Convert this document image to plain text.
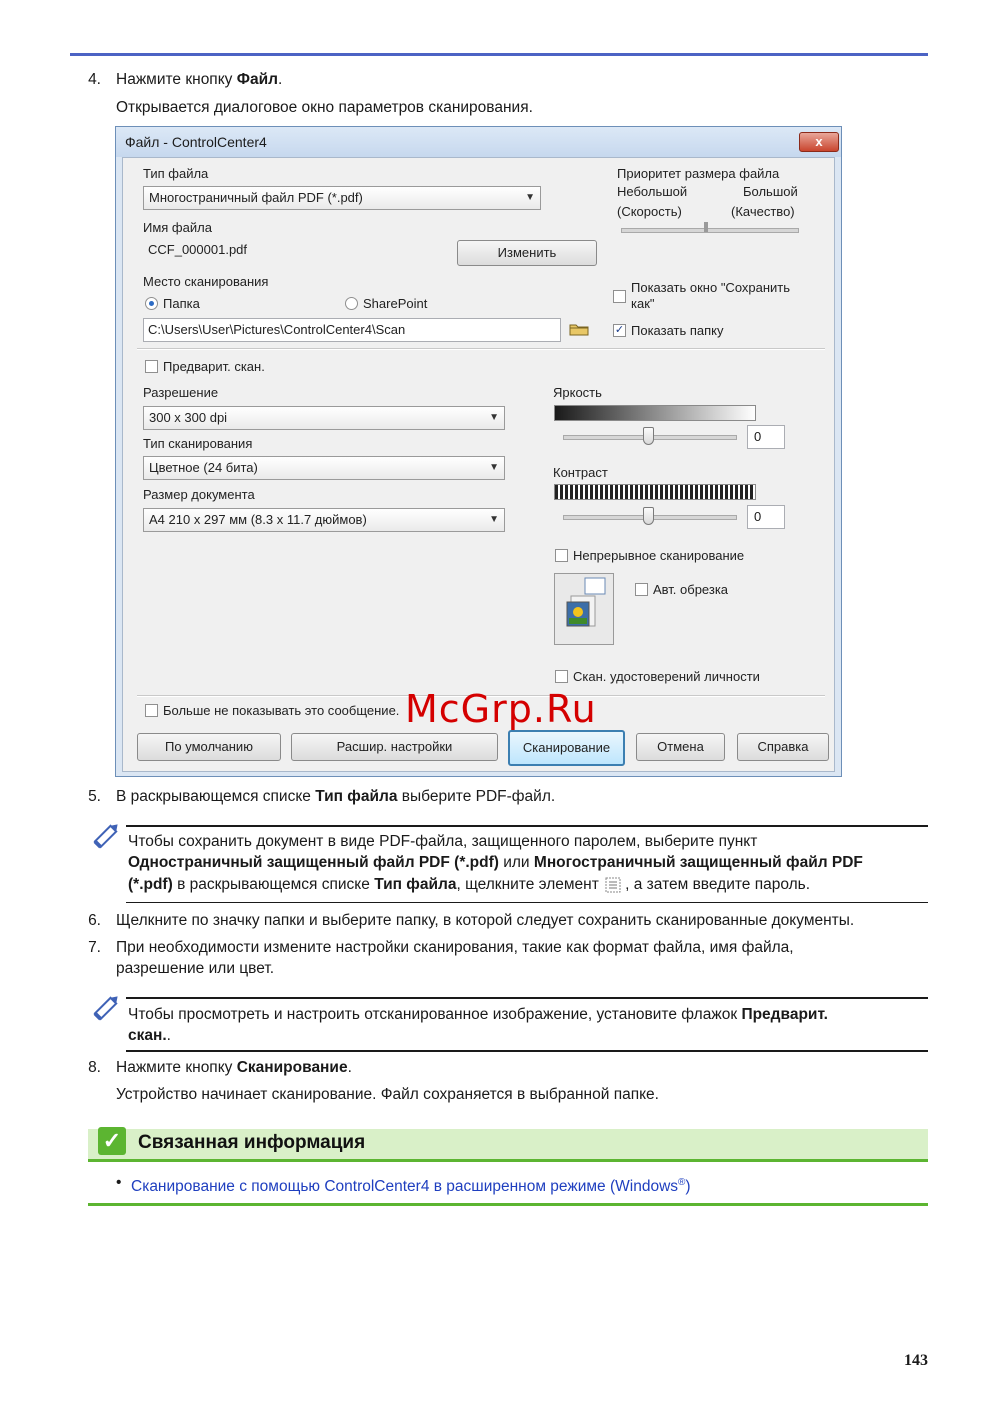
4. Нажмите кнопку Файл.
Открывается диалоговое окно параметров сканирования.
Файл - ControlCenter4	x
Тип файла
Многостраничный файл PDF (*.pdf)	▼
Имя файла
CCF_000001.pdf	Изменить
Место сканирования
Папка	SharePoint
C:\Users\User\Pictures\ControlCenter4\Scan
Приоритет размера файла
Небольшой
(Скорость)
Большой
(Качество)
Показать окно "Сохранить
как"
✓ Показать папку
Предварит. скан.
Разрешение
300 x 300 dpi	▼
Тип сканирования
Цветное (24 бита)	▼
Размер документа
A4 210 x 297 мм (8.3 x 11.7 дюймов)	▼
Яркость
0
Контраст
0
Непрерывное сканирование
Авт. обрезка
Скан. удостоверений личности
Больше не показывать это сообщение.
По умолчанию	Расшир. настройки	Сканирование	Отмена	Справка
McGrp.Ru
5. В раскрывающемся списке Тип файла выберите PDF-файл.
Чтобы сохранить документ в виде PDF-файла, защищенного паролем, выберите пункт
Одностраничный защищенный файл PDF (*.pdf) или Многостраничный защищенный файл PDF
(*.pdf) в раскрывающемся списке Тип файла, щелкните элемент , а затем введите пароль.
6. Щелкните по значку папки и выберите папку, в которой следует сохранить сканированные документы.
7. При необходимости измените настройки сканирования, такие как формат файла, имя файла,
разрешение или цвет.
Чтобы просмотреть и настроить отсканированное изображение, установите флажок Предварит.
скан..
8. Нажмите кнопку Сканирование.
Устройство начинает сканирование. Файл сохраняется в выбранной папке.
✓ Связанная информация
• Сканирование с помощью ControlCenter4 в расширенном режиме (Windows®)
143
